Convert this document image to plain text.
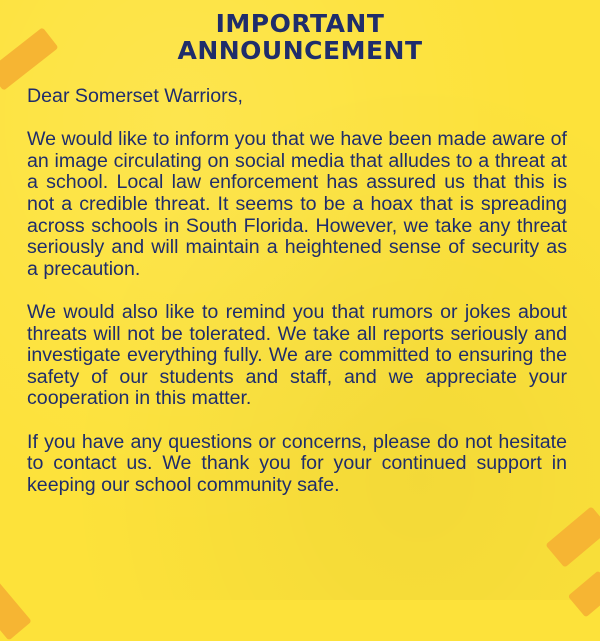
IMPORTANT
ANNOUNCEMENT

Dear Somerset Warriors,

We would like to inform you that we have been made aware of an image circulating on social media that alludes to a threat at a school. Local law enforcement has assured us that this is not a credible threat. It seems to be a hoax that is spreading across schools in South Florida. However, we take any threat seriously and will maintain a heightened sense of security as a precaution.

We would also like to remind you that rumors or jokes about threats will not be tolerated. We take all reports seriously and investigate everything fully. We are committed to ensuring the safety of our students and staff, and we appreciate your cooperation in this matter.

If you have any questions or concerns, please do not hesitate to contact us. We thank you for your continued support in keeping our school community safe.
